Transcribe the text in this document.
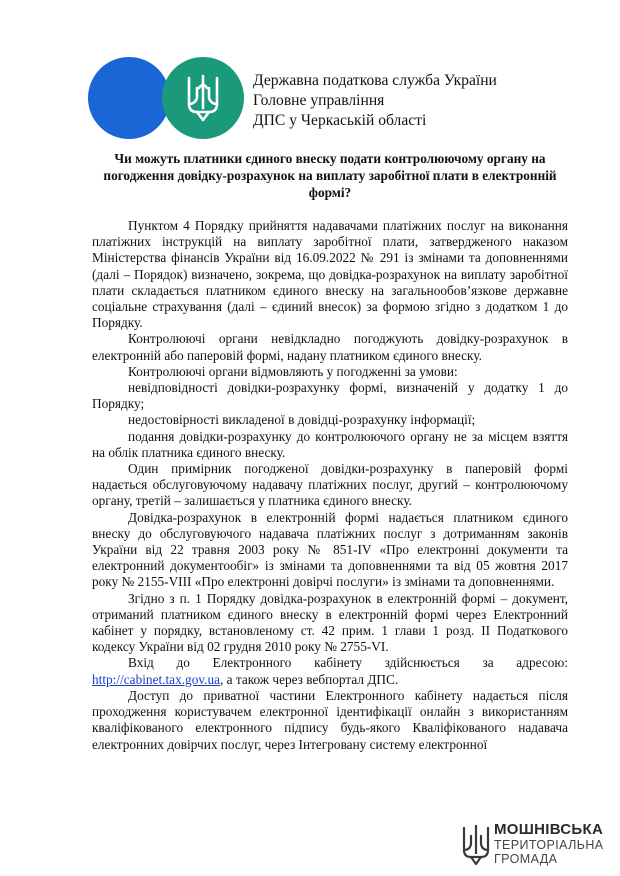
Державна податкова служба України
Головне управління
ДПС у Черкаській області
Чи можуть платники єдиного внеску подати контролюючому органу на погодження довідку-розрахунок на виплату заробітної плати в електронній формі?

Пунктом 4 Порядку прийняття надавачами платіжних послуг на виконання платіжних інструкцій на виплату заробітної плати, затвердженого наказом Міністерства фінансів України від 16.09.2022 № 291 із змінами та доповненнями (далі – Порядок) визначено, зокрема, що довідка-розрахунок на виплату заробітної плати складається платником єдиного внеску на загальнообов’язкове державне соціальне страхування (далі – єдиний внесок) за формою згідно з додатком 1 до Порядку.

Контролюючі органи невідкладно погоджують довідку-розрахунок в електронній або паперовій формі, надану платником єдиного внеску.

Контролюючі органи відмовляють у погодженні за умови:

невідповідності довідки-розрахунку формі, визначеній у додатку 1 до Порядку;

недостовірності викладеної в довідці-розрахунку інформації;

подання довідки-розрахунку до контролюючого органу не за місцем взяття на облік платника єдиного внеску.

Один примірник погодженої довідки-розрахунку в паперовій формі надається обслуговуючому надавачу платіжних послуг, другий – контролюючому органу, третій – залишається у платника єдиного внеску.

Довідка-розрахунок в електронній формі надається платником єдиного внеску до обслуговуючого надавача платіжних послуг з дотриманням законів України від 22 травня 2003 року № 851-IV «Про електронні документи та електронний документообіг» із змінами та доповненнями та від 05 жовтня 2017 року № 2155-VIII «Про електронні довірчі послуги» із змінами та доповненнями.

Згідно з п. 1 Порядку довідка-розрахунок в електронній формі – документ, отриманий платником єдиного внеску в електронній формі через Електронний кабінет у порядку, встановленому ст. 42 прим. 1 глави 1 розд. II Податкового кодексу України від 02 грудня 2010 року № 2755-VI.

Вхід до Електронного кабінету здійснюється за адресою: http://cabinet.tax.gov.ua, а також через вебпортал ДПС.

Доступ до приватної частини Електронного кабінету надається після проходження користувачем електронної ідентифікації онлайн з використанням кваліфікованого електронного підпису будь-якого Кваліфікованого надавача електронних довірчих послуг, через Інтегровану систему електронної

МОШНІВСЬКА
ТЕРИТОРІАЛЬНА
ГРОМАДА
